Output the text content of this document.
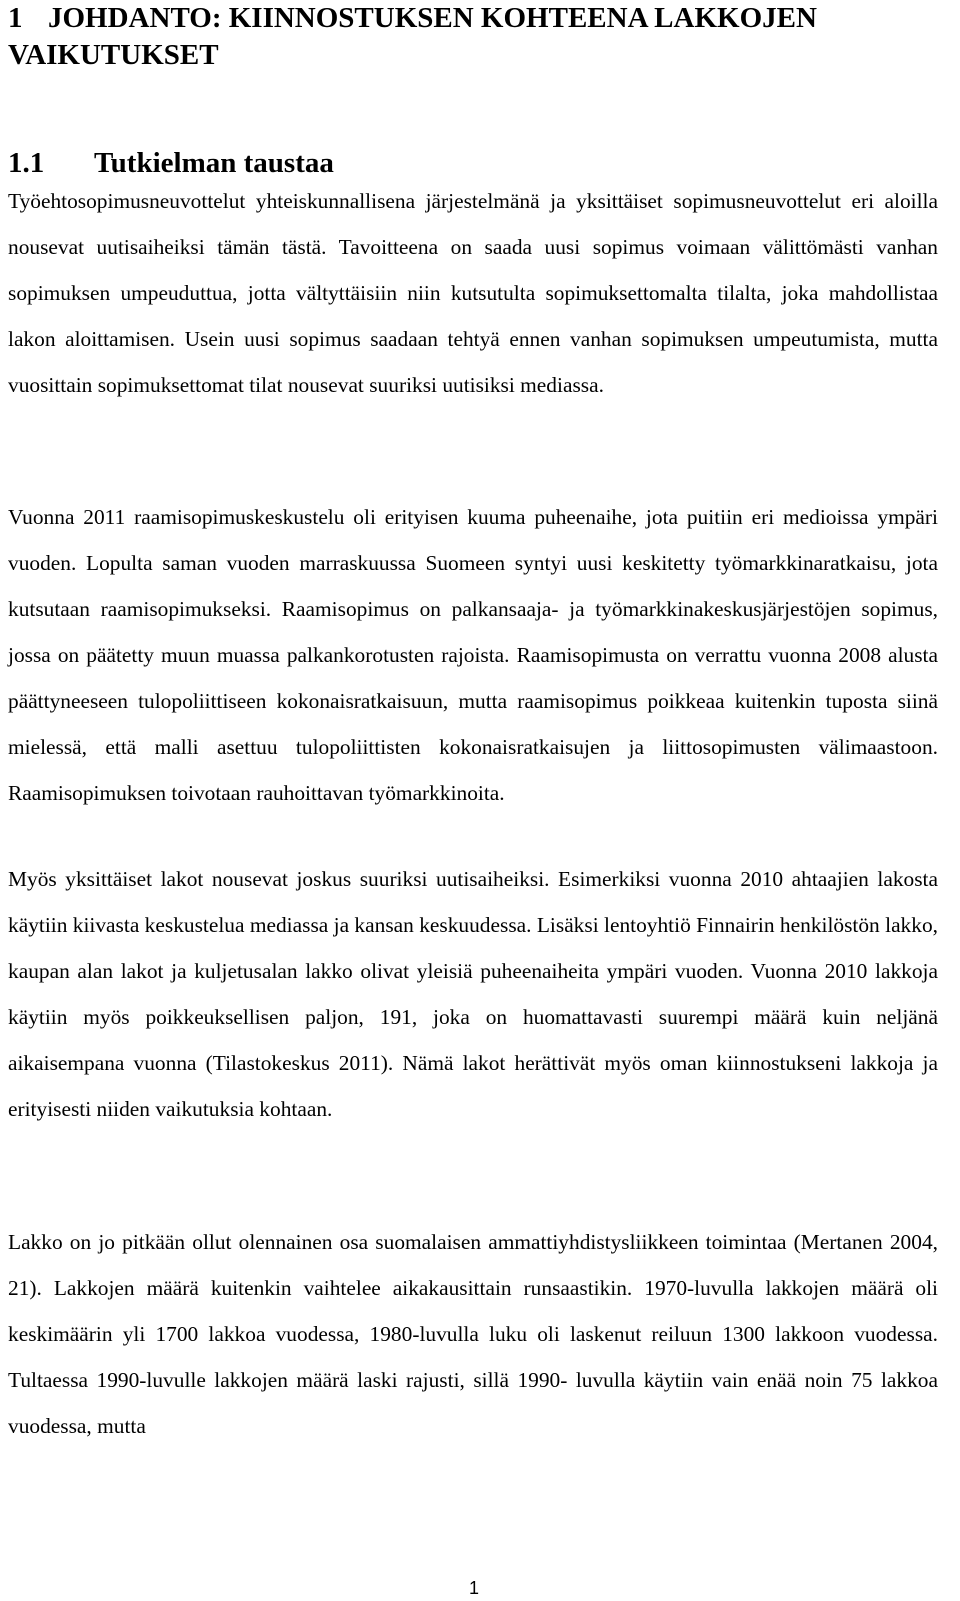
1 JOHDANTO: KIINNOSTUKSEN KOHTEENA LAKKOJEN VAIKUTUKSET
1.1 Tutkielman taustaa

Työehtosopimusneuvottelut yhteiskunnallisena järjestelmänä ja yksittäiset sopimusneuvottelut eri aloilla nousevat uutisaiheiksi tämän tästä. Tavoitteena on saada uusi sopimus voimaan välittömästi vanhan sopimuksen umpeuduttua, jotta vältyttäisiin niin kutsutulta sopimuksettomalta tilalta, joka mahdollistaa lakon aloittamisen. Usein uusi sopimus saadaan tehtyä ennen vanhan sopimuksen umpeutumista, mutta vuosittain sopimuksettomat tilat nousevat suuriksi uutisiksi mediassa.

Vuonna 2011 raamisopimuskeskustelu oli erityisen kuuma puheenaihe, jota puitiin eri medioissa ympäri vuoden. Lopulta saman vuoden marraskuussa Suomeen syntyi uusi keskitetty työmarkkinaratkaisu, jota kutsutaan raamisopimukseksi. Raamisopimus on palkansaaja- ja työmarkkinakeskusjärjestöjen sopimus, jossa on päätetty muun muassa palkankorotusten rajoista. Raamisopimusta on verrattu vuonna 2008 alusta päättyneeseen tulopoliittiseen kokonaisratkaisuun, mutta raamisopimus poikkeaa kuitenkin tuposta siinä mielessä, että malli asettuu tulopoliittisten kokonaisratkaisujen ja liittosopimusten välimaastoon. Raamisopimuksen toivotaan rauhoittavan työmarkkinoita.

Myös yksittäiset lakot nousevat joskus suuriksi uutisaiheiksi. Esimerkiksi vuonna 2010 ahtaajien lakosta käytiin kiivasta keskustelua mediassa ja kansan keskuudessa. Lisäksi lentoyhtiö Finnairin henkilöstön lakko, kaupan alan lakot ja kuljetusalan lakko olivat yleisiä puheenaiheita ympäri vuoden. Vuonna 2010 lakkoja käytiin myös poikkeuksellisen paljon, 191, joka on huomattavasti suurempi määrä kuin neljänä aikaisempana vuonna (Tilastokeskus 2011). Nämä lakot herättivät myös oman kiinnostukseni lakkoja ja erityisesti niiden vaikutuksia kohtaan.

Lakko on jo pitkään ollut olennainen osa suomalaisen ammattiyhdistysliikkeen toimintaa (Mertanen 2004, 21). Lakkojen määrä kuitenkin vaihtelee aikakausittain runsaastikin. 1970-luvulla lakkojen määrä oli keskimäärin yli 1700 lakkoa vuodessa, 1980-luvulla luku oli laskenut reiluun 1300 lakkoon vuodessa. Tultaessa 1990-luvulle lakkojen määrä laski rajusti, sillä 1990- luvulla käytiin vain enää noin 75 lakkoa vuodessa, mutta

1
